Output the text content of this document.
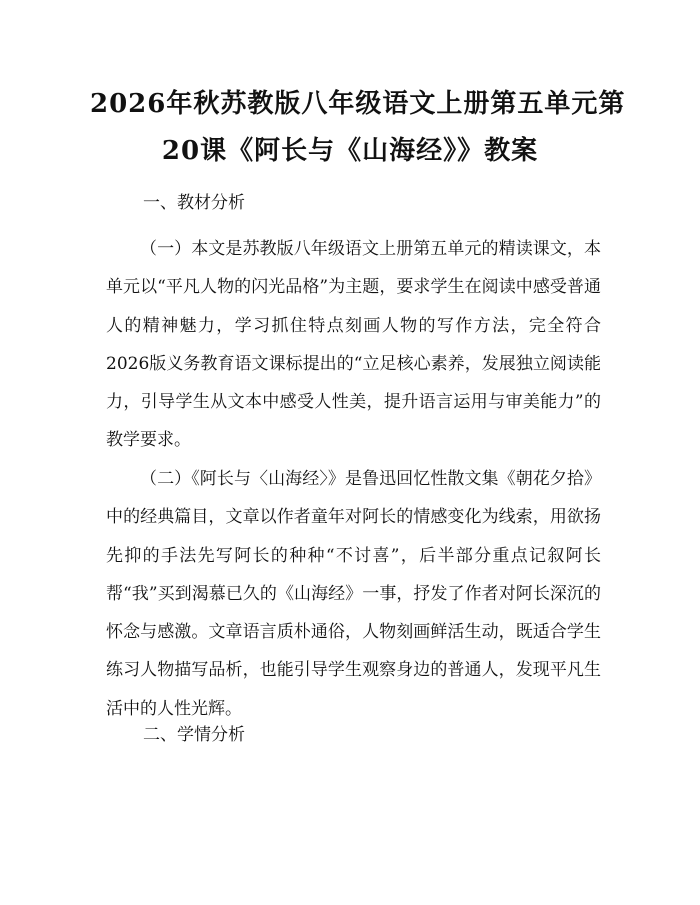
2026年秋苏教版八年级语文上册第五单元第
20课《阿长与《山海经》》教案

一、教材分析

（一）本文是苏教版八年级语文上册第五单元的精读课文，本单元以“平凡人物的闪光品格”为主题，要求学生在阅读中感受普通人的精神魅力，学习抓住特点刻画人物的写作方法，完全符合2026版义务教育语文课标提出的“立足核心素养，发展独立阅读能力，引导学生从文本中感受人性美，提升语言运用与审美能力”的教学要求。

（二）《阿长与〈山海经〉》是鲁迅回忆性散文集《朝花夕拾》中的经典篇目，文章以作者童年对阿长的情感变化为线索，用欲扬先抑的手法先写阿长的种种“不讨喜”，后半部分重点记叙阿长帮“我”买到渴慕已久的《山海经》一事，抒发了作者对阿长深沉的怀念与感激。文章语言质朴通俗，人物刻画鲜活生动，既适合学生练习人物描写品析，也能引导学生观察身边的普通人，发现平凡生活中的人性光辉。

二、学情分析
